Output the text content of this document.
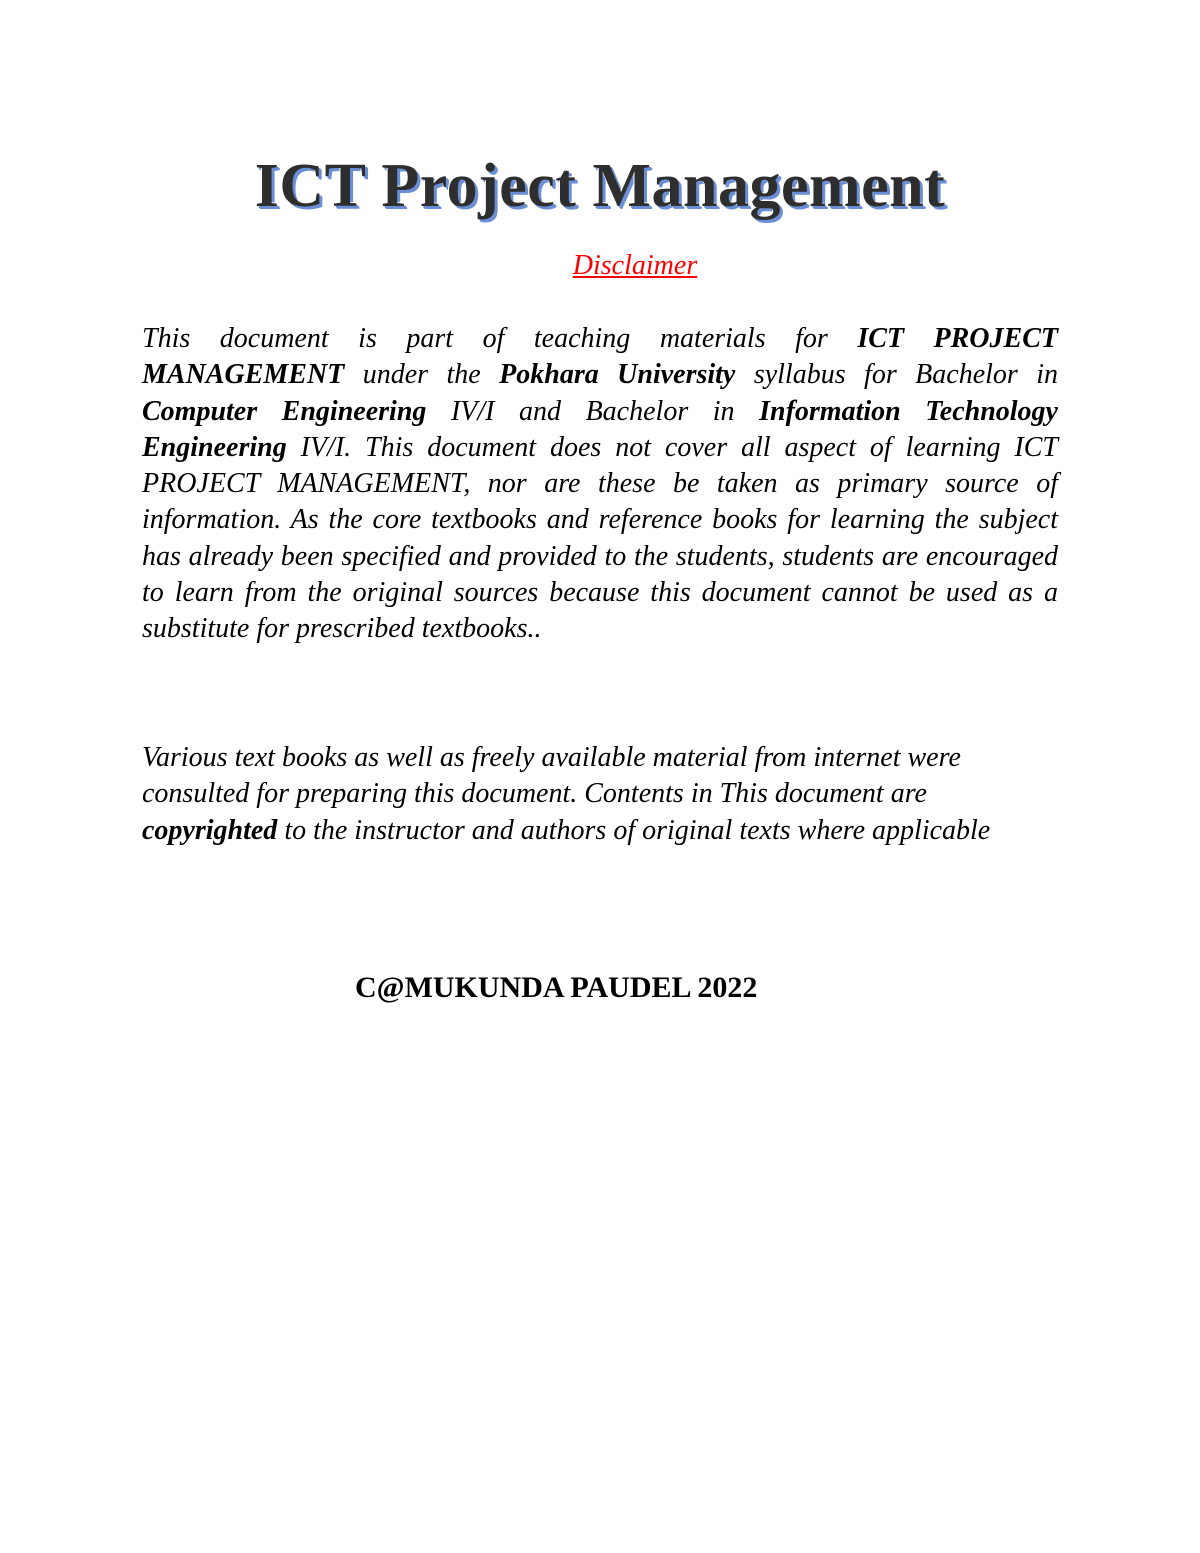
ICT Project Management

Disclaimer

This document is part of teaching materials for ICT PROJECT MANAGEMENT under the Pokhara University syllabus for Bachelor in Computer Engineering IV/I and Bachelor in Information Technology Engineering IV/I. This document does not cover all aspect of learning ICT PROJECT MANAGEMENT, nor are these be taken as primary source of information. As the core textbooks and reference books for learning the subject has already been specified and provided to the students, students are encouraged to learn from the original sources because this document cannot be used as a substitute for prescribed textbooks..

Various text books as well as freely available material from internet were consulted for preparing this document. Contents in This document are copyrighted to the instructor and authors of original texts where applicable

C@MUKUNDA PAUDEL 2022
